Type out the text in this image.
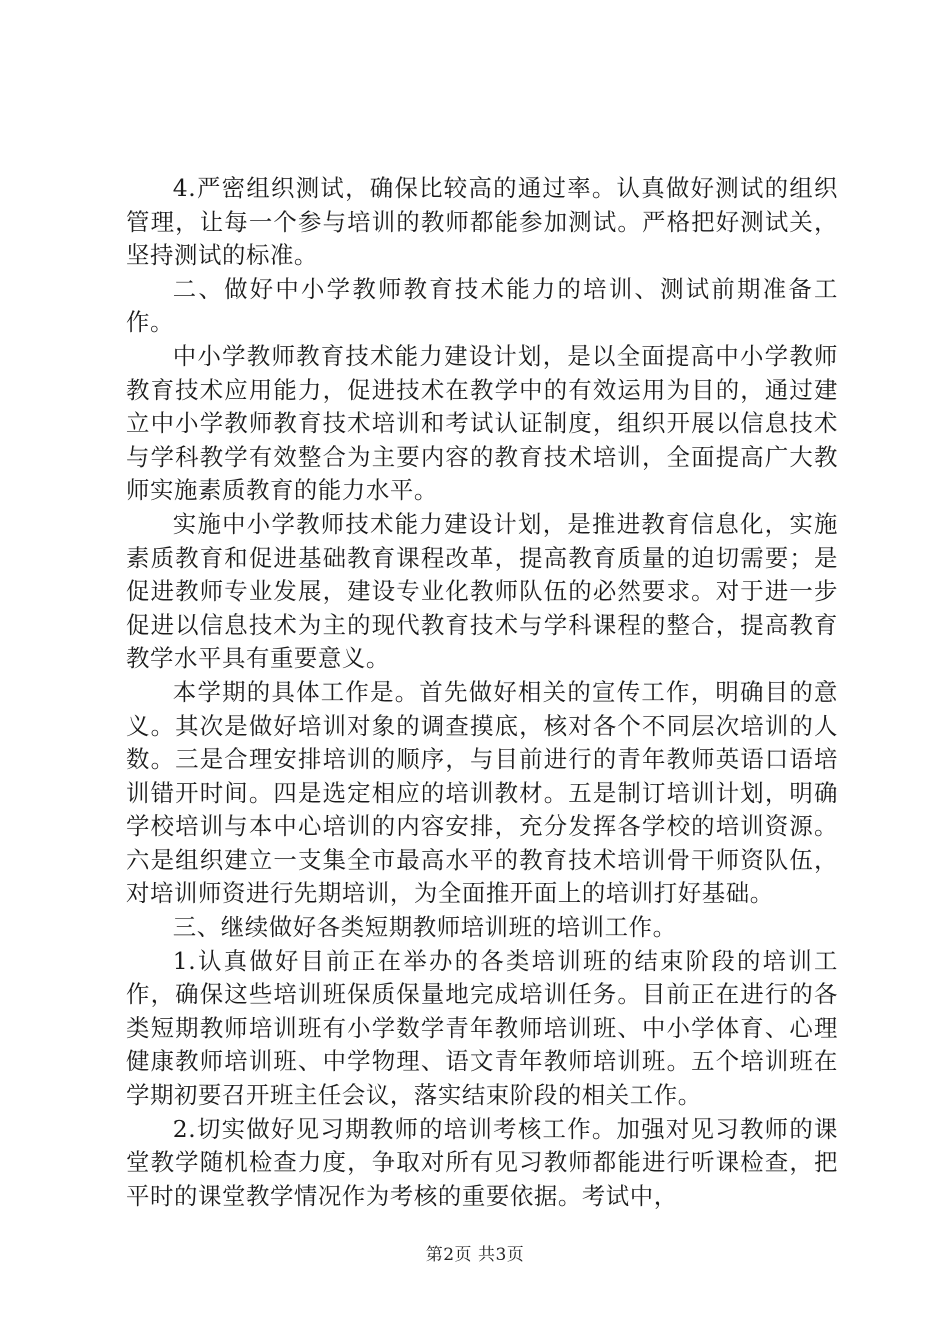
4.严密组织测试，确保比较高的通过率。认真做好测试的组织管理，让每一个参与培训的教师都能参加测试。严格把好测试关，坚持测试的标准。

二、做好中小学教师教育技术能力的培训、测试前期准备工作。

中小学教师教育技术能力建设计划，是以全面提高中小学教师教育技术应用能力，促进技术在教学中的有效运用为目的，通过建立中小学教师教育技术培训和考试认证制度，组织开展以信息技术与学科教学有效整合为主要内容的教育技术培训，全面提高广大教师实施素质教育的能力水平。

实施中小学教师技术能力建设计划，是推进教育信息化，实施素质教育和促进基础教育课程改革，提高教育质量的迫切需要；是促进教师专业发展，建设专业化教师队伍的必然要求。对于进一步促进以信息技术为主的现代教育技术与学科课程的整合，提高教育教学水平具有重要意义。

本学期的具体工作是。首先做好相关的宣传工作，明确目的意义。其次是做好培训对象的调查摸底，核对各个不同层次培训的人数。三是合理安排培训的顺序，与目前进行的青年教师英语口语培训错开时间。四是选定相应的培训教材。五是制订培训计划，明确学校培训与本中心培训的内容安排，充分发挥各学校的培训资源。六是组织建立一支集全市最高水平的教育技术培训骨干师资队伍，对培训师资进行先期培训，为全面推开面上的培训打好基础。

三、继续做好各类短期教师培训班的培训工作。

1.认真做好目前正在举办的各类培训班的结束阶段的培训工作，确保这些培训班保质保量地完成培训任务。目前正在进行的各类短期教师培训班有小学数学青年教师培训班、中小学体育、心理健康教师培训班、中学物理、语文青年教师培训班。五个培训班在学期初要召开班主任会议，落实结束阶段的相关工作。

2.切实做好见习期教师的培训考核工作。加强对见习教师的课堂教学随机检查力度，争取对所有见习教师都能进行听课检查，把平时的课堂教学情况作为考核的重要依据。考试中，

第2页 共3页
